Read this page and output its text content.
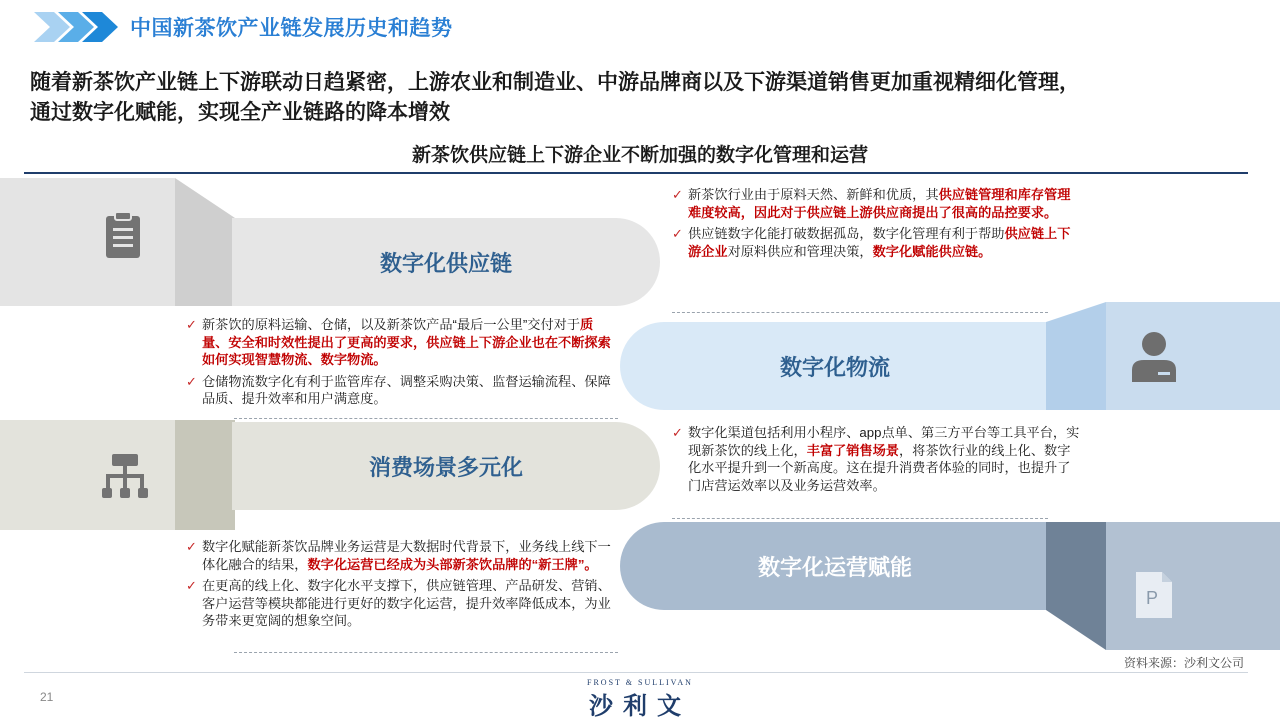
中国新茶饮产业链发展历史和趋势
随着新茶饮产业链上下游联动日趋紧密，上游农业和制造业、中游品牌商以及下游渠道销售更加重视精细化管理，
通过数字化赋能，实现全产业链路的降本增效
新茶饮供应链上下游企业不断加强的数字化管理和运营
数字化供应链
✓ 新茶饮行业由于原料天然、新鲜和优质，其供应链管理和库存管理难度较高，因此对于供应链上游供应商提出了很高的品控要求。
✓ 供应链数字化能打破数据孤岛，数字化管理有利于帮助供应链上下游企业对原料供应和管理决策，数字化赋能供应链。
数字化物流
✓ 新茶饮的原料运输、仓储，以及新茶饮产品“最后一公里”交付对于质量、安全和时效性提出了更高的要求，供应链上下游企业也在不断探索如何实现智慧物流、数字物流。
✓ 仓储物流数字化有利于监管库存、调整采购决策、监督运输流程、保障品质、提升效率和用户满意度。
消费场景多元化
✓ 数字化渠道包括利用小程序、app点单、第三方平台等工具平台，实现新茶饮的线上化，丰富了销售场景，将茶饮行业的线上化、数字化水平提升到一个新高度。这在提升消费者体验的同时，也提升了门店营运效率以及业务运营效率。
数字化运营赋能
P
✓ 数字化赋能新茶饮品牌业务运营是大数据时代背景下，业务线上线下一体化融合的结果，数字化运营已经成为头部新茶饮品牌的“新王牌”。
✓ 在更高的线上化、数字化水平支撑下，供应链管理、产品研发、营销、客户运营等模块都能进行更好的数字化运营，提升效率降低成本，为业务带来更宽阔的想象空间。
资料来源：沙利文公司
21
FROST & SULLIVAN
沙利文
